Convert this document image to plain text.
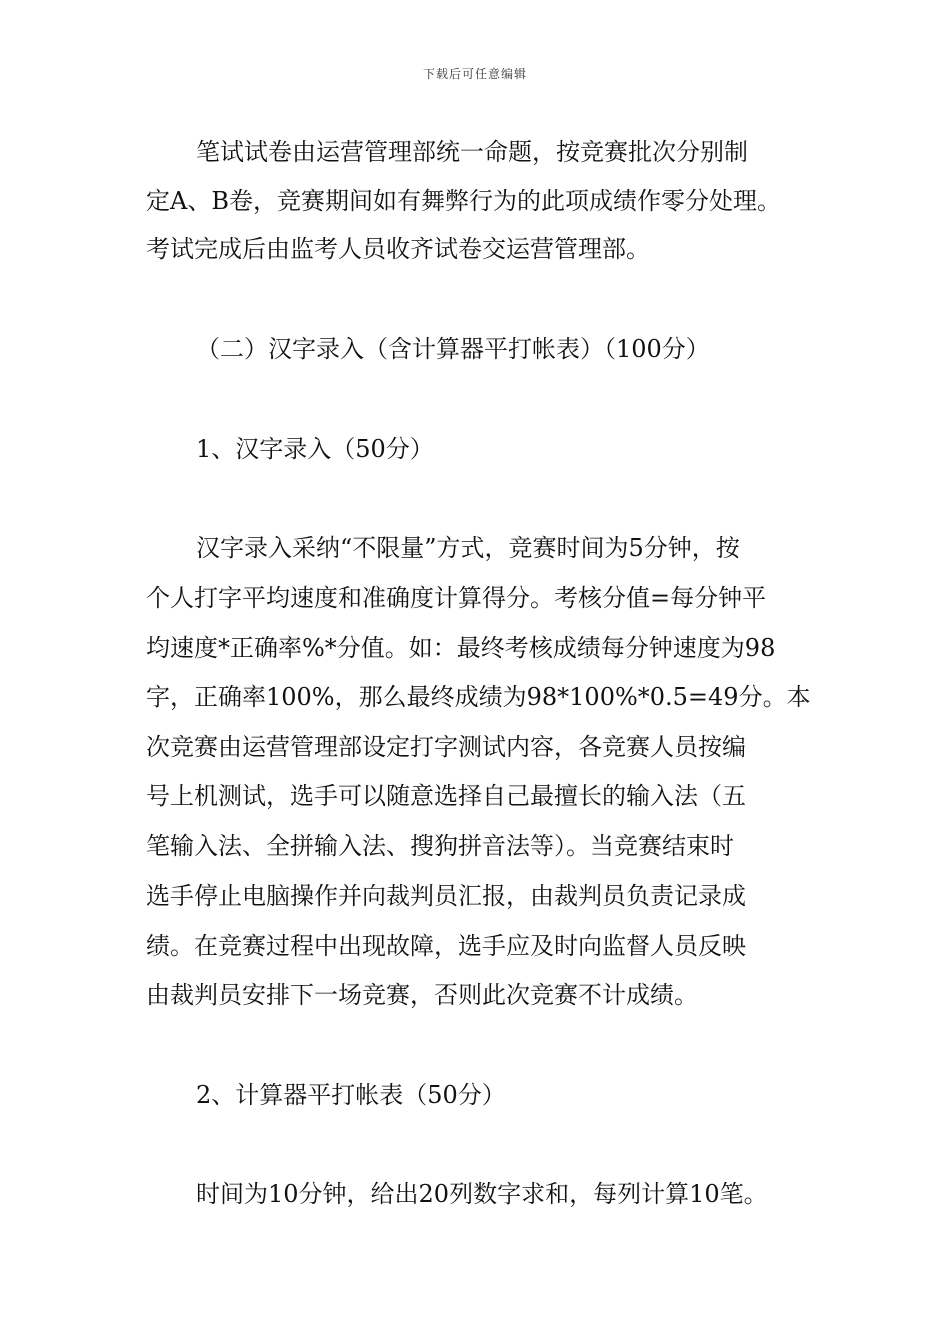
下载后可任意编辑
笔试试卷由运营管理部统一命题，按竞赛批次分别制
定A、B卷，竞赛期间如有舞弊行为的此项成绩作零分处理。
考试完成后由监考人员收齐试卷交运营管理部。
（二）汉字录入（含计算器平打帐表）（100分）
1、汉字录入（50分）
汉字录入采纳“不限量”方式，竞赛时间为5分钟，按
个人打字平均速度和准确度计算得分。考核分值=每分钟平
均速度*正确率%*分值。如：最终考核成绩每分钟速度为98
字，正确率100%，那么最终成绩为98*100%*0.5=49分。本
次竞赛由运营管理部设定打字测试内容，各竞赛人员按编
号上机测试，选手可以随意选择自己最擅长的输入法（五
笔输入法、全拼输入法、搜狗拼音法等）。当竞赛结束时
选手停止电脑操作并向裁判员汇报，由裁判员负责记录成
绩。在竞赛过程中出现故障，选手应及时向监督人员反映
由裁判员安排下一场竞赛，否则此次竞赛不计成绩。
2、计算器平打帐表（50分）
时间为10分钟，给出20列数字求和，每列计算10笔。
